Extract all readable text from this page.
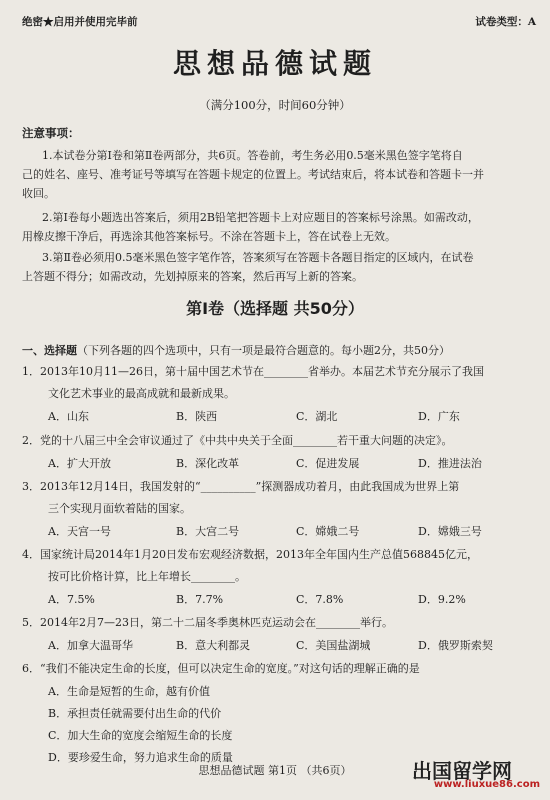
绝密★启用并使用完毕前	试卷类型：A
思想品德试题
（满分100分，时间60分钟）
注意事项：
1.本试卷分第Ⅰ卷和第Ⅱ卷两部分，共6页。答卷前，考生务必用0.5毫米黑色签字笔将自
己的姓名、座号、准考证号等填写在答题卡规定的位置上。考试结束后，将本试卷和答题卡一并
收回。
2.第Ⅰ卷每小题选出答案后，须用2B铅笔把答题卡上对应题目的答案标号涂黑。如需改动，
用橡皮擦干净后，再选涂其他答案标号。不涂在答题卡上，答在试卷上无效。
3.第Ⅱ卷必须用0.5毫米黑色签字笔作答，答案须写在答题卡各题目指定的区域内，在试卷
上答题不得分；如需改动，先划掉原来的答案，然后再写上新的答案。
第Ⅰ卷（选择题 共50分）
一、选择题（下列各题的四个选项中，只有一项是最符合题意的。每小题2分，共50分）
1．2013年10月11—26日，第十届中国艺术节在________省举办。本届艺术节充分展示了我国
文化艺术事业的最高成就和最新成果。
A．山东	B．陕西	C．湖北	D．广东
2．党的十八届三中全会审议通过了《中共中央关于全面________若干重大问题的决定》。
A．扩大开放	B．深化改革	C．促进发展	D．推进法治
3．2013年12月14日，我国发射的“__________”探测器成功着月，由此我国成为世界上第
三个实现月面软着陆的国家。
A．天宫一号	B．大宫二号	C．嫦娥二号	D．嫦娥三号
4．国家统计局2014年1月20日发布宏观经济数据，2013年全年国内生产总值568845亿元，
按可比价格计算，比上年增长________。
A．7.5%	B．7.7%	C．7.8%	D．9.2%
5．2014年2月7—23日，第二十二届冬季奥林匹克运动会在________举行。
A．加拿大温哥华	B．意大利都灵	C．美国盐湖城	D．俄罗斯索契
6．“我们不能决定生命的长度，但可以决定生命的宽度。”对这句话的理解正确的是
A．生命是短暂的生命，越有价值
B．承担责任就需要付出生命的代价
C．加大生命的宽度会缩短生命的长度
D．要珍爱生命，努力追求生命的质量
思想品德试题 第1页 （共6页）	出国留学网
www.liuxue86.com
